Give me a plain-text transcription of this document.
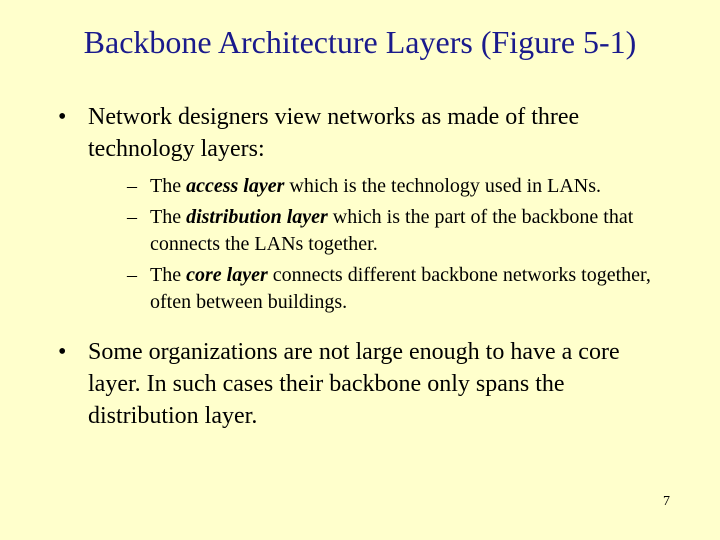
Backbone Architecture Layers (Figure 5-1)
• Network designers view networks as made of three technology layers:
– The access layer which is the technology used in LANs.
– The distribution layer which is the part of the backbone that connects the LANs together.
– The core layer connects different backbone networks together, often between buildings.
• Some organizations are not large enough to have a core layer. In such cases their backbone only spans the distribution layer.
7
